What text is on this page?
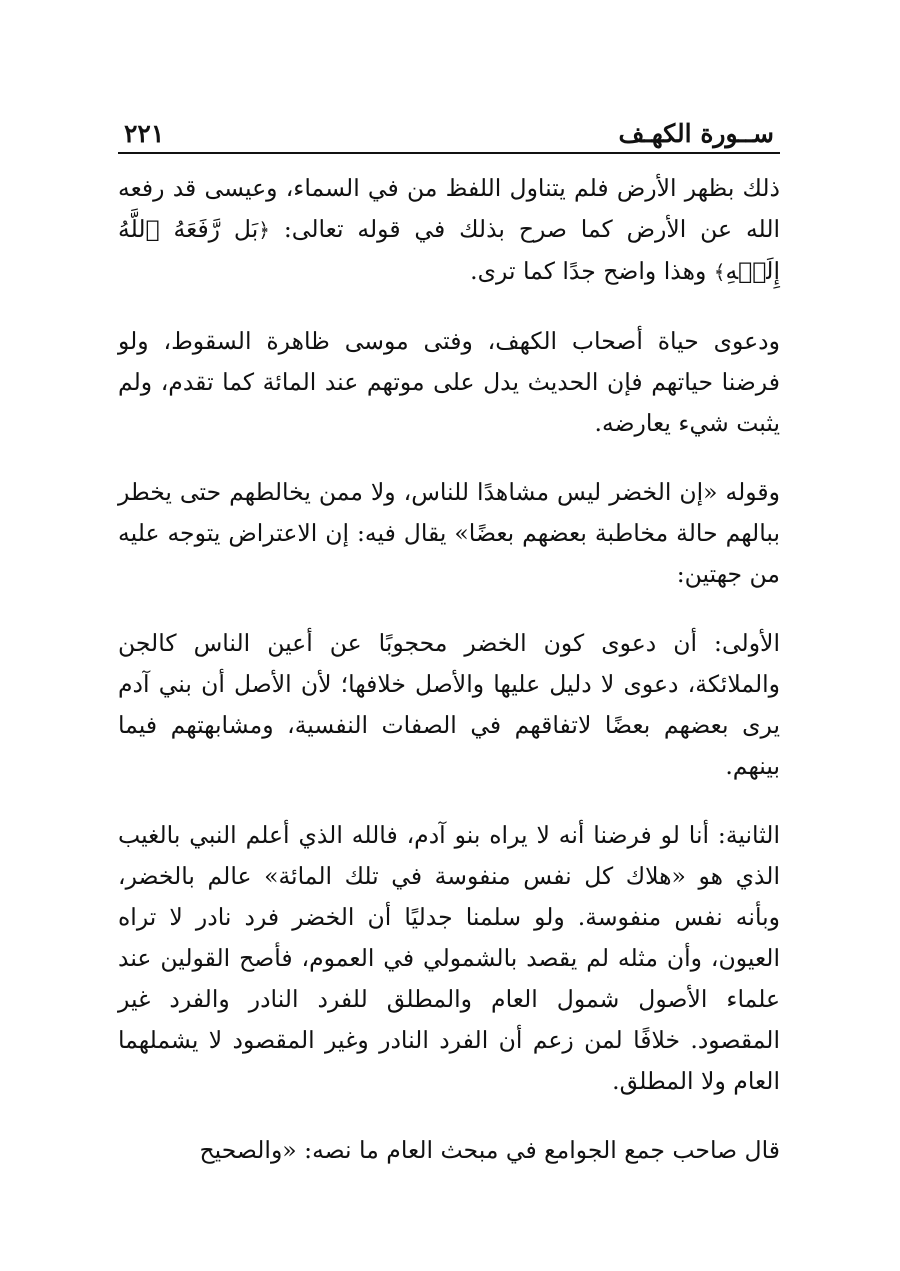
ســورة الكهـف
٢٢١

ذلك بظهر الأرض فلم يتناول اللفظ من في السماء، وعيسى قد رفعه الله عن الأرض كما صرح بذلك في قوله تعالى: ﴿بَل رَّفَعَهُ ٱللَّهُ إِلَيۡهِ﴾ وهذا واضح جدًا كما ترى.

ودعوى حياة أصحاب الكهف، وفتى موسى ظاهرة السقوط، ولو فرضنا حياتهم فإن الحديث يدل على موتهم عند المائة كما تقدم، ولم يثبت شيء يعارضه.

وقوله «إن الخضر ليس مشاهدًا للناس، ولا ممن يخالطهم حتى يخطر ببالهم حالة مخاطبة بعضهم بعضًا» يقال فيه: إن الاعتراض يتوجه عليه من جهتين:

الأولى: أن دعوى كون الخضر محجوبًا عن أعين الناس كالجن والملائكة، دعوى لا دليل عليها والأصل خلافها؛ لأن الأصل أن بني آدم يرى بعضهم بعضًا لاتفاقهم في الصفات النفسية، ومشابهتهم فيما بينهم.

الثانية: أنا لو فرضنا أنه لا يراه بنو آدم، فالله الذي أعلم النبي بالغيب الذي هو «هلاك كل نفس منفوسة في تلك المائة» عالم بالخضر، وبأنه نفس منفوسة. ولو سلمنا جدليًا أن الخضر فرد نادر لا تراه العيون، وأن مثله لم يقصد بالشمولي في العموم، فأصح القولين عند علماء الأصول شمول العام والمطلق للفرد النادر والفرد غير المقصود. خلافًا لمن زعم أن الفرد النادر وغير المقصود لا يشملهما العام ولا المطلق.

قال صاحب جمع الجوامع في مبحث العام ما نصه: «والصحيح
